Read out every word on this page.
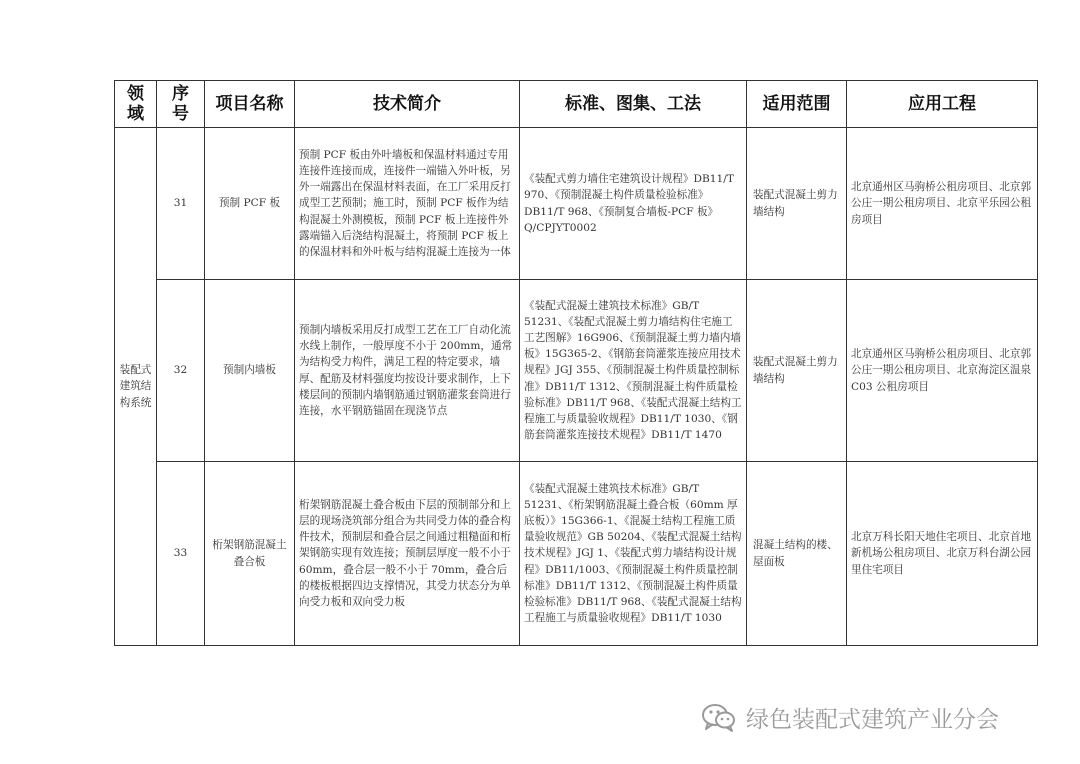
领域	序号	项目名称	技术简介	标准、图集、工法	适用范围	应用工程
装配式建筑结构系统	31	预制 PCF 板	预制 PCF 板由外叶墙板和保温材料通过专用连接件连接而成，连接件一端锚入外叶板，另外一端露出在保温材料表面，在工厂采用反打成型工艺预制；施工时，预制 PCF 板作为结构混凝土外测模板，预制 PCF 板上连接件外露端锚入后浇结构混凝土，将预制 PCF 板上的保温材料和外叶板与结构混凝土连接为一体	《装配式剪力墙住宅建筑设计规程》DB11/T 970、《预制混凝土构件质量检验标准》DB11/T 968、《预制复合墙板-PCF 板》Q/CPJYT0002	装配式混凝土剪力墙结构	北京通州区马驹桥公租房项目、北京郭公庄一期公租房项目、北京平乐园公租房项目
	32	预制内墙板	预制内墙板采用反打成型工艺在工厂自动化流水线上制作，一般厚度不小于 200mm，通常为结构受力构件，满足工程的特定要求，墙厚、配筋及材料强度均按设计要求制作，上下楼层间的预制内墙钢筋通过钢筋灌浆套筒进行连接，水平钢筋锚固在现浇节点	《装配式混凝土建筑技术标准》GB/T 51231、《装配式混凝土剪力墙结构住宅施工工艺图解》16G906、《预制混凝土剪力墙内墙板》15G365-2、《钢筋套筒灌浆连接应用技术规程》JGJ 355、《预制混凝土构件质量控制标准》DB11/T 1312、《预制混凝土构件质量检验标准》DB11/T 968、《装配式混凝土结构工程施工与质量验收规程》DB11/T 1030、《钢筋套筒灌浆连接技术规程》DB11/T 1470	装配式混凝土剪力墙结构	北京通州区马驹桥公租房项目、北京郭公庄一期公租房项目、北京海淀区温泉 C03 公租房项目
	33	桁架钢筋混凝土叠合板	桁架钢筋混凝土叠合板由下层的预制部分和上层的现场浇筑部分组合为共同受力体的叠合构件技术，预制层和叠合层之间通过粗糙面和桁架钢筋实现有效连接；预制层厚度一般不小于 60mm，叠合层一般不小于 70mm，叠合后的楼板根据四边支撑情况，其受力状态分为单向受力板和双向受力板	《装配式混凝土建筑技术标准》GB/T 51231、《桁架钢筋混凝土叠合板（60mm 厚底板）》15G366-1、《混凝土结构工程施工质量验收规范》GB 50204、《装配式混凝土结构技术规程》JGJ 1、《装配式剪力墙结构设计规程》DB11/1003、《预制混凝土构件质量控制标准》DB11/T 1312、《预制混凝土构件质量检验标准》DB11/T 968、《装配式混凝土结构工程施工与质量验收规程》DB11/T 1030	混凝土结构的楼、屋面板	北京万科长阳天地住宅项目、北京首地新机场公租房项目、北京万科台湖公园里住宅项目
绿色装配式建筑产业分会
